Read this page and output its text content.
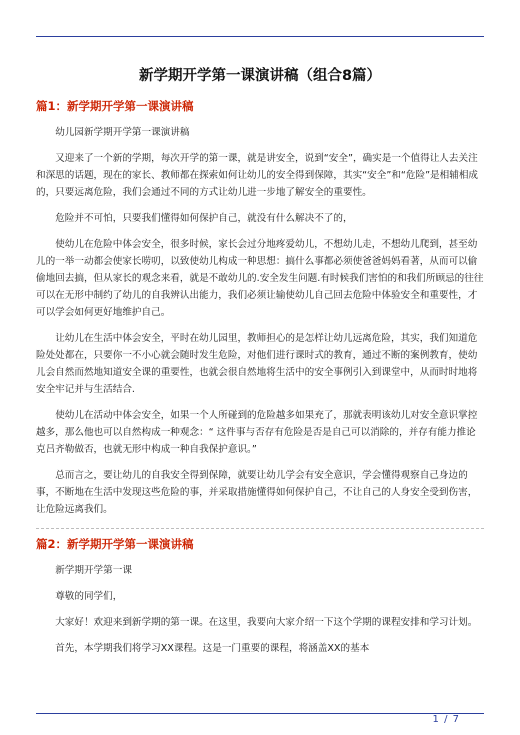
新学期开学第一课演讲稿（组合8篇）
篇1：新学期开学第一课演讲稿

幼儿园新学期开学第一课演讲稿

又迎来了一个新的学期，每次开学的第一课，就是讲安全，说到“安全”，确实是一个值得让人去关注和深思的话题，现在的家长、教师都在探索如何让幼儿的安全得到保障，其实“安全”和“危险”是相辅相成的，只要远离危险，我们会通过不同的方式让幼儿进一步地了解安全的重要性。

危险并不可怕，只要我们懂得如何保护自己，就没有什么解决不了的，

使幼儿在危险中体会安全，很多时候，家长会过分地疼爱幼儿，不想幼儿走，不想幼儿爬到，甚至幼儿的一举一动都会使家长唠叨，以致使幼儿构成一种思想：搞什么事都必须使爸爸妈妈看著，从而可以偷偷地回去搞，但从家长的观念来看，就是不敢幼儿的.安全发生问题.有时候我们害怕的和我们所顾忌的往往可以在无形中制约了幼儿的自我辨认出能力，我们必须让输使幼儿自己回去危险中体验安全和重要性，才可以学会如何更好地维护自己。

让幼儿在生活中体会安全，平时在幼儿园里，教师担心的是怎样让幼儿远离危险，其实，我们知道危险处处都在，只要你一不小心就会随时发生危险，对他们进行课时式的教育，通过不断的案例教育，使幼儿会自然而然地知道安全课的重要性，也就会很自然地将生活中的安全事例引入到课堂中，从而时时地将安全牢记并与生活结合.

使幼儿在活动中体会安全，如果一个人所碰到的危险越多如果充了，那就表明该幼儿对安全意识掌控越多，那么他也可以自然构成一种观念：“ 这件事与否存有危险是否是自己可以消除的，并存有能力推论克吕齐勒做否，也就无形中构成一种自我保护意识。”

总而言之，要让幼儿的自我安全得到保障，就要让幼儿学会有安全意识，学会懂得观察自己身边的事，不断地在生活中发现这些危险的事，并采取措施懂得如何保护自己，不让自己的人身安全受到伤害，让危险远离我们。

篇2：新学期开学第一课演讲稿

新学期开学第一课

尊敬的同学们，

大家好！欢迎来到新学期的第一课。在这里，我要向大家介绍一下这个学期的课程安排和学习计划。

首先，本学期我们将学习XX课程。这是一门重要的课程，将涵盖XX的基本

1 / 7
